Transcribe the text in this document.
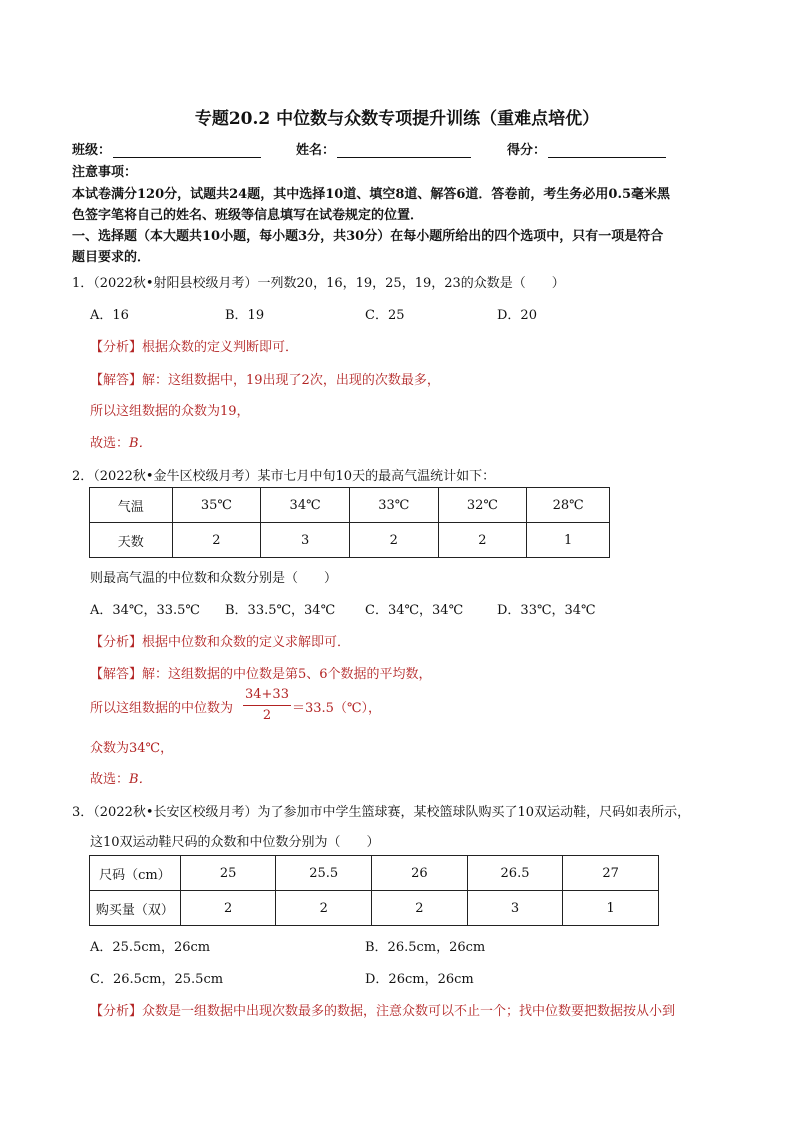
专题20.2 中位数与众数专项提升训练（重难点培优）
班级：	姓名：	得分：
注意事项：
本试卷满分120分，试题共24题，其中选择10道、填空8道、解答6道．答卷前，考生务必用0.5毫米黑
色签字笔将自己的姓名、班级等信息填写在试卷规定的位置．
一、选择题（本大题共10小题，每小题3分，共30分）在每小题所给出的四个选项中，只有一项是符合
题目要求的．
1．（2022秋•射阳县校级月考）一列数20，16，19，25，19，23的众数是（　　）
A．16	B．19	C．25	D．20
【分析】根据众数的定义判断即可．
【解答】解：这组数据中，19出现了2次，出现的次数最多，
所以这组数据的众数为19，
故选：B．
2．（2022秋•金牛区校级月考）某市七月中旬10天的最高气温统计如下：
气温	35℃	34℃	33℃	32℃	28℃
天数	2	3	2	2	1
则最高气温的中位数和众数分别是（　　）
A．34℃，33.5℃ B．33.5℃，34℃ C．34℃，34℃	D．33℃，34℃
【分析】根据中位数和众数的定义求解即可．
【解答】解：这组数据的中位数是第5、6个数据的平均数，
所以这组数据的中位数为
34+33
2	＝33.5（℃），
众数为34℃，
故选：B．
3．（2022秋•长安区校级月考）为了参加市中学生篮球赛，某校篮球队购买了10双运动鞋，尺码如表所示，
这10双运动鞋尺码的众数和中位数分别为（　　）
尺码（cm）	25	25.5	26	26.5	27
购买量（双）	2	2	2	3	1
A．25.5cm，26cm	B．26.5cm，26cm
C．26.5cm，25.5cm	D．26cm，26cm
【分析】众数是一组数据中出现次数最多的数据，注意众数可以不止一个；找中位数要把数据按从小到
